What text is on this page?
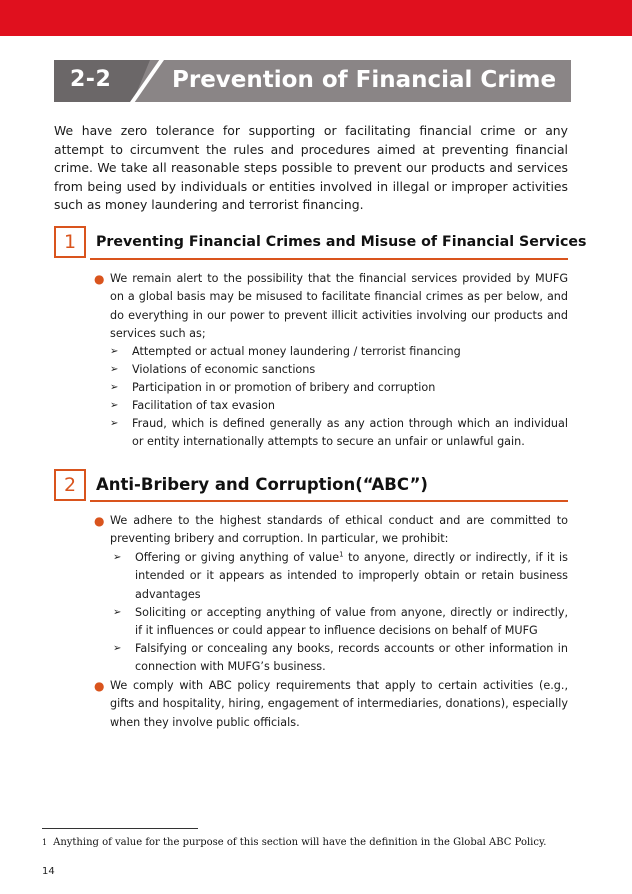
2-2	Prevention of Financial Crime

We have zero tolerance for supporting or facilitating financial crime or any attempt to circumvent the rules and procedures aimed at preventing financial crime. We take all reasonable steps possible to prevent our products and services from being used by individuals or entities involved in illegal or improper activities such as money laundering and terrorist financing.

1	Preventing Financial Crimes and Misuse of Financial Services
● We remain alert to the possibility that the financial services provided by MUFG on a global basis may be misused to facilitate financial crimes as per below, and do everything in our power to prevent illicit activities involving our products and services such as;
➢ Attempted or actual money laundering / terrorist financing
➢ Violations of economic sanctions
➢ Participation in or promotion of bribery and corruption
➢ Facilitation of tax evasion
➢ Fraud, which is defined generally as any action through which an individual or entity internationally attempts to secure an unfair or unlawful gain.
2	Anti-Bribery and Corruption(“ABC”)
● We adhere to the highest standards of ethical conduct and are committed to preventing bribery and corruption. In particular, we prohibit:
➢ Offering or giving anything of value$^1$ to anyone, directly or indirectly, if it is intended or it appears as intended to improperly obtain or retain business advantages
➢ Soliciting or accepting anything of value from anyone, directly or indirectly, if it influences or could appear to influence decisions on behalf of MUFG
➢ Falsifying or concealing any books, records accounts or other information in connection with MUFG’s business.
● We comply with ABC policy requirements that apply to certain activities (e.g., gifts and hospitality, hiring, engagement of intermediaries, donations), especially when they involve public officials.
1 Anything of value for the purpose of this section will have the definition in the Global ABC Policy.
14
